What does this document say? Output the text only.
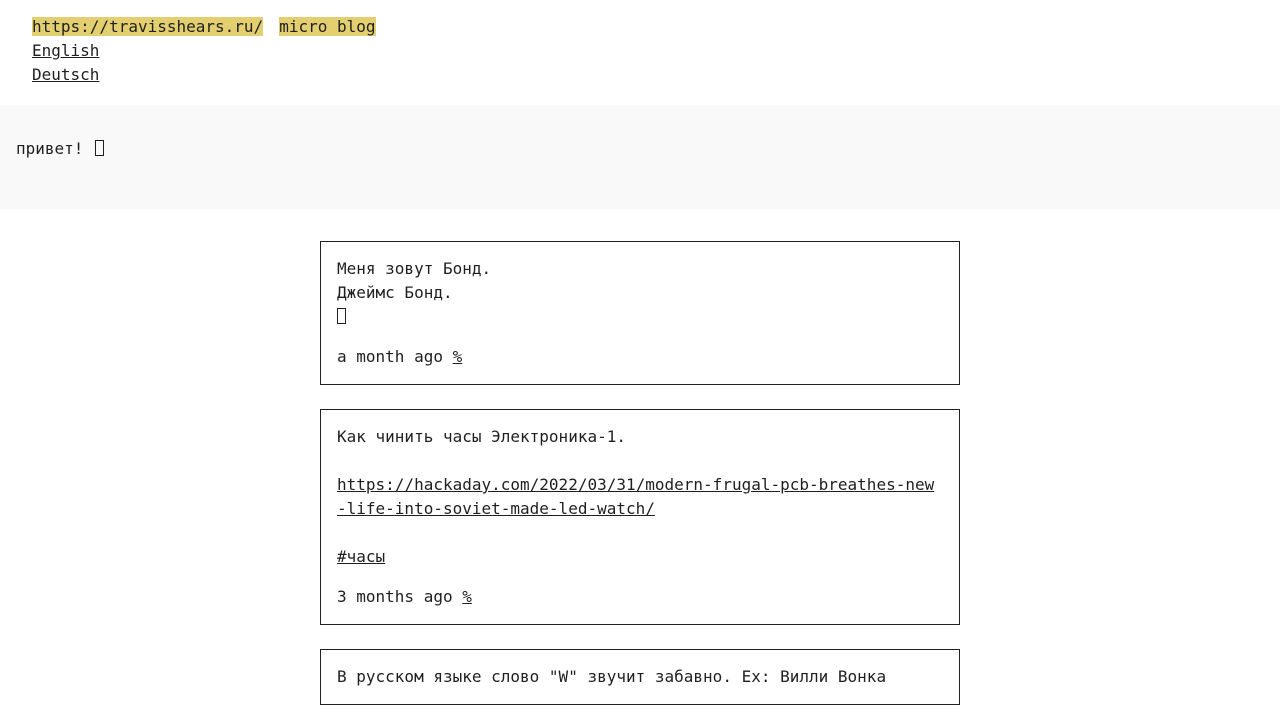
https://travisshears.ru/ micro blog
English
Deutsch
привет!

Меня зовут Бонд.

Джеймс Бонд.

a month ago %

Как чинить часы Электроника-1.

https://hackaday.com/2022/03/31/modern-frugal-pcb-breathes-new-life-into-soviet-made-led-watch/

#часы

3 months ago %

В русском языке слово "W" звучит забавно. Ex: Вилли Вонка
